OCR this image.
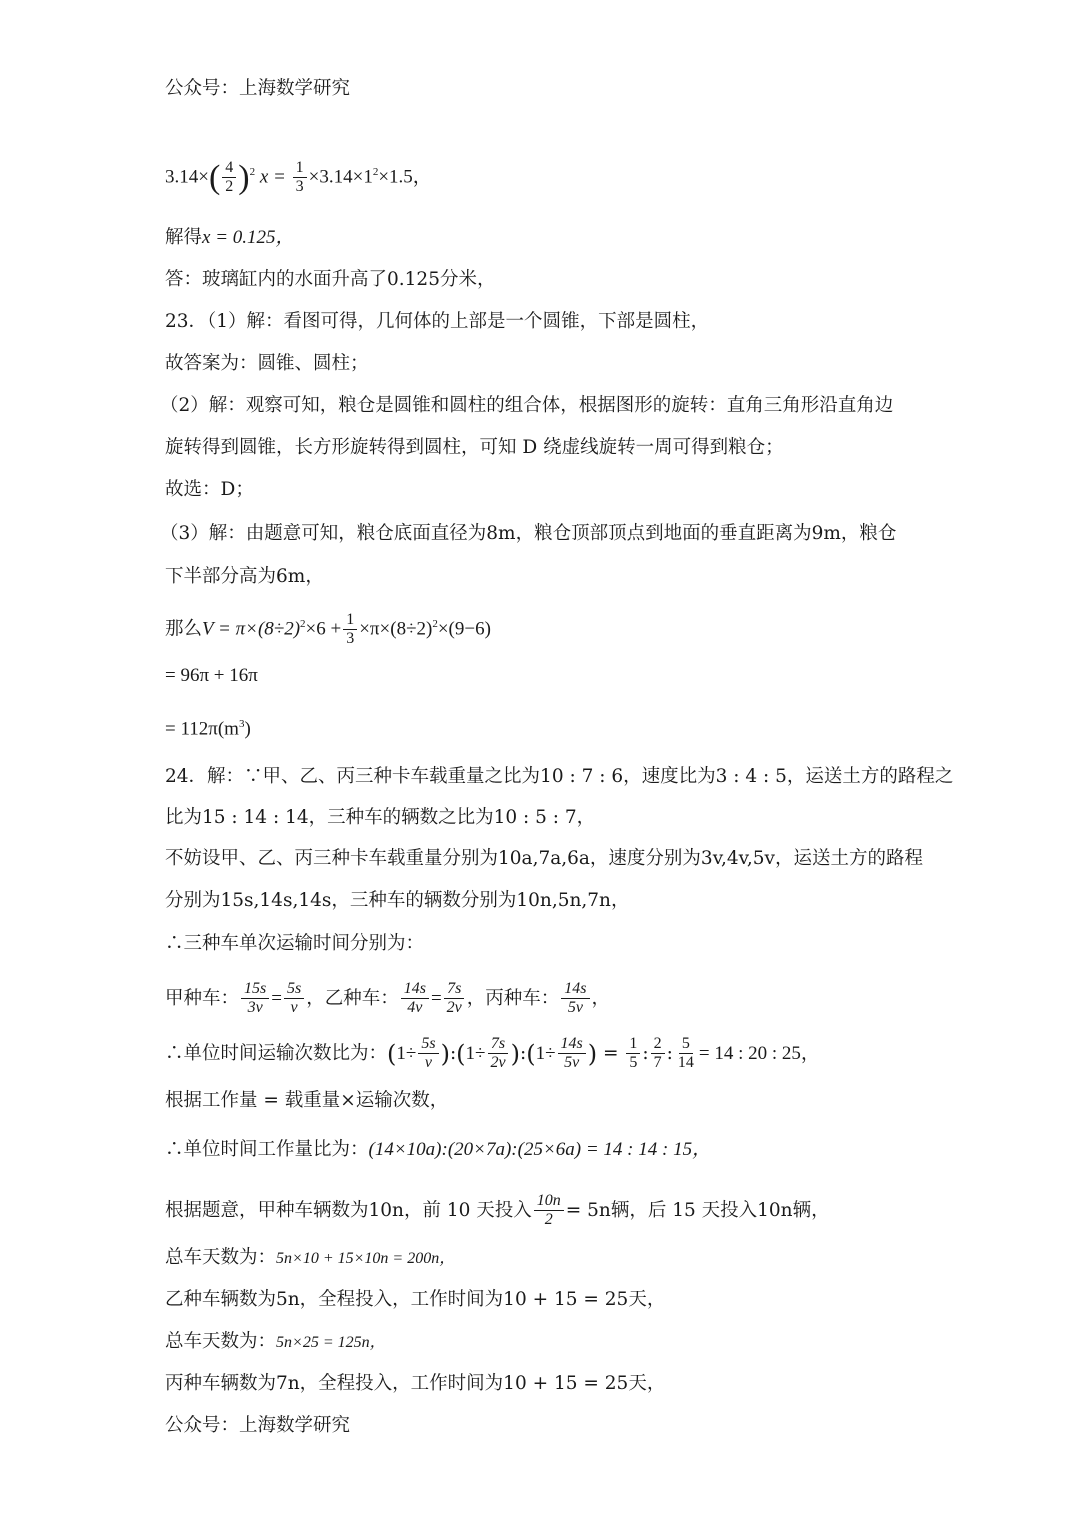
公众号：上海数学研究
$3.14\times( \frac{4}{2} )^2$ $x = \frac{1}{3} \times 3.14\times 1^2\times 1.5$，
解得x = 0.125，
答：玻璃缸内的水面升高了0.125分米，
23．（1）解：看图可得，几何体的上部是一个圆锥，下部是圆柱，
故答案为：圆锥、圆柱；
（2）解：观察可知，粮仓是圆锥和圆柱的组合体，根据图形的旋转：直角三角形沿直角边
旋转得到圆锥，长方形旋转得到圆柱，可知 D 绕虚线旋转一周可得到粮仓；
故选：D；
（3）解：由题意可知，粮仓底面直径为8m，粮仓顶部顶点到地面的垂直距离为9m，粮仓
下半部分高为6m，
那么$V = \pi\times(8\div 2)^2\times 6 + \frac{1}{3} \times\pi\times(8\div 2)^2\times(9-6)$
= 96π + 16π
= $112\pi(m^3)$
24．解：∵甲、乙、丙三种卡车载重量之比为10 : 7 : 6，速度比为3 : 4 : 5，运送土方的路程之
比为15 : 14 : 14，三种车的辆数之比为10 : 5 : 7，
不妨设甲、乙、丙三种卡车载重量分别为10a,7a,6a，速度分别为3v,4v,5v，运送土方的路程
分别为15s,14s,14s，三种车的辆数分别为10n,5n,7n，
∴三种车单次运输时间分别为：
甲种车： $\frac{15s}{3v} = \frac{5s}{v}$ ，乙种车： $\frac{14s}{4v} = \frac{7s}{2v}$ ，丙种车： $\frac{14s}{5v}$ ，
∴单位时间运输次数比为：($1\div \frac{5s}{v}$ ):(1÷ $\frac{7s}{2v}$ ):(1÷ $\frac{14s}{5v}$ ) = $\frac{1}{5}$ : $\frac{2}{7}$ : $\frac{5}{14} = 14$ : 20 : 25，
根据工作量 = 载重量×运输次数，
∴单位时间工作量比为：(14×10a):(20×7a):(25×6a) = 14 : 14 : 15，
根据题意，甲种车辆数为10n，前 10 天投入 $\frac{10n}{2} = 5n$辆，后 15 天投入10n辆，
总车天数为：5n×10 + 15×10n = 200n，
乙种车辆数为5n，全程投入，工作时间为10 + 15 = 25天，
总车天数为：5n×25 = 125n，
丙种车辆数为7n，全程投入，工作时间为10 + 15 = 25天，
公众号：上海数学研究
